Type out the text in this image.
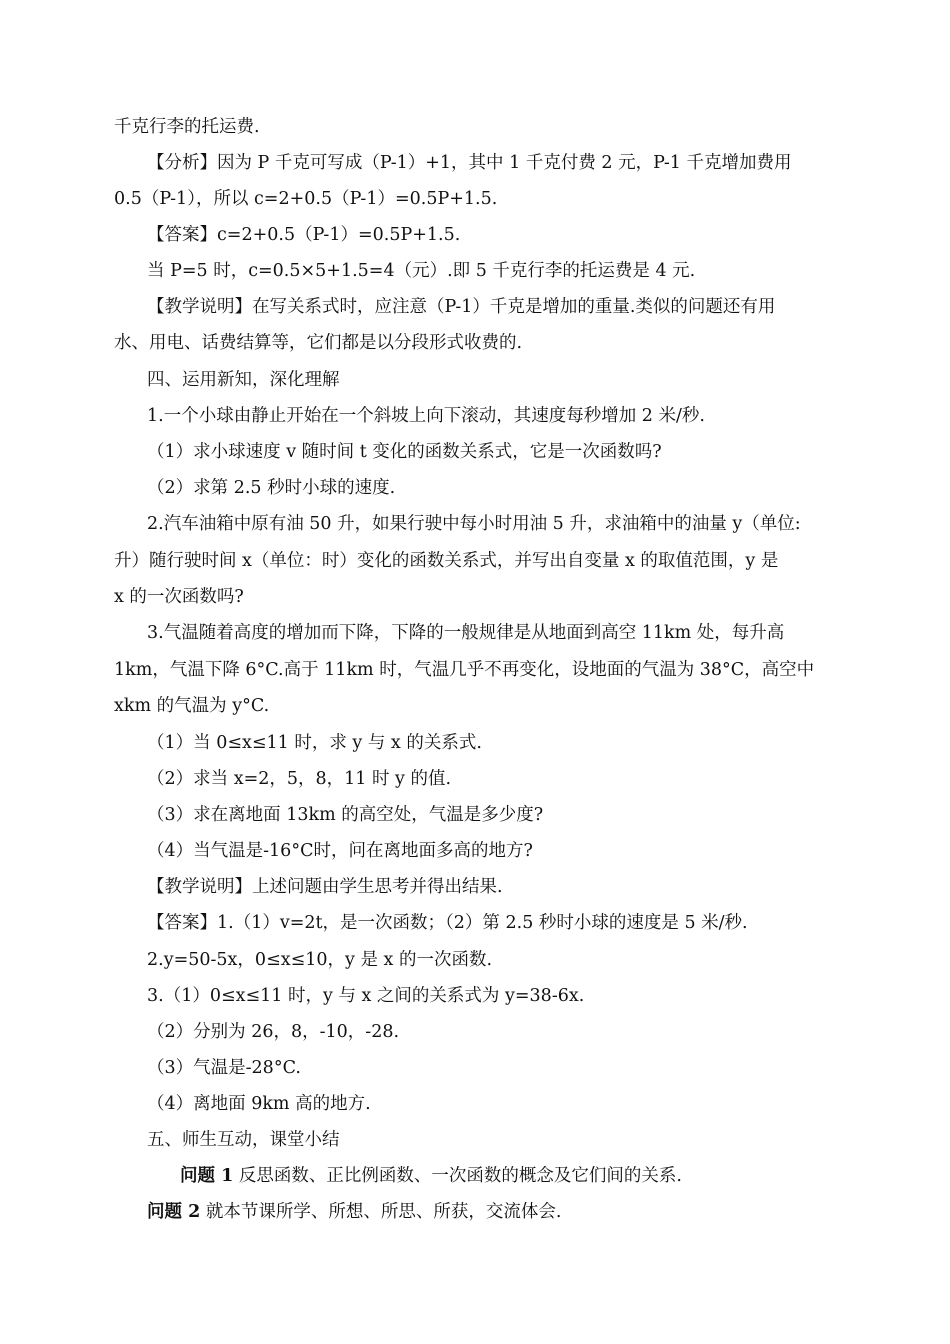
千克行李的托运费.
【分析】因为 P 千克可写成（P-1）+1，其中 1 千克付费 2 元，P-1 千克增加费用
0.5（P-1），所以 c=2+0.5（P-1）=0.5P+1.5.
【答案】c=2+0.5（P-1）=0.5P+1.5.
当 P=5 时，c=0.5×5+1.5=4（元）.即 5 千克行李的托运费是 4 元.
【教学说明】在写关系式时，应注意（P-1）千克是增加的重量.类似的问题还有用
水、用电、话费结算等，它们都是以分段形式收费的.
四、运用新知，深化理解
1.一个小球由静止开始在一个斜坡上向下滚动，其速度每秒增加 2 米/秒.
（1）求小球速度 v 随时间 t 变化的函数关系式，它是一次函数吗?
（2）求第 2.5 秒时小球的速度.
2.汽车油箱中原有油 50 升，如果行驶中每小时用油 5 升，求油箱中的油量 y（单位:
升）随行驶时间 x（单位：时）变化的函数关系式，并写出自变量 x 的取值范围，y 是
x 的一次函数吗?
3.气温随着高度的增加而下降，下降的一般规律是从地面到高空 11km 处，每升高
1km，气温下降 6°C.高于 11km 时，气温几乎不再变化，设地面的气温为 38°C，高空中
xkm 的气温为 y°C.
（1）当 0≤x≤11 时，求 y 与 x 的关系式.
（2）求当 x=2，5，8，11 时 y 的值.
（3）求在离地面 13km 的高空处，气温是多少度?
（4）当气温是-16°C时，问在离地面多高的地方?
【教学说明】上述问题由学生思考并得出结果.
【答案】1.（1）v=2t，是一次函数；（2）第 2.5 秒时小球的速度是 5 米/秒.
2.y=50-5x，0≤x≤10，y 是 x 的一次函数.
3.（1）0≤x≤11 时，y 与 x 之间的关系式为 y=38-6x.
（2）分别为 26，8，-10，-28.
（3）气温是-28°C.
（4）离地面 9km 高的地方.
五、师生互动，课堂小结
问题 1 反思函数、正比例函数、一次函数的概念及它们间的关系.
问题 2 就本节课所学、所想、所思、所获，交流体会.
